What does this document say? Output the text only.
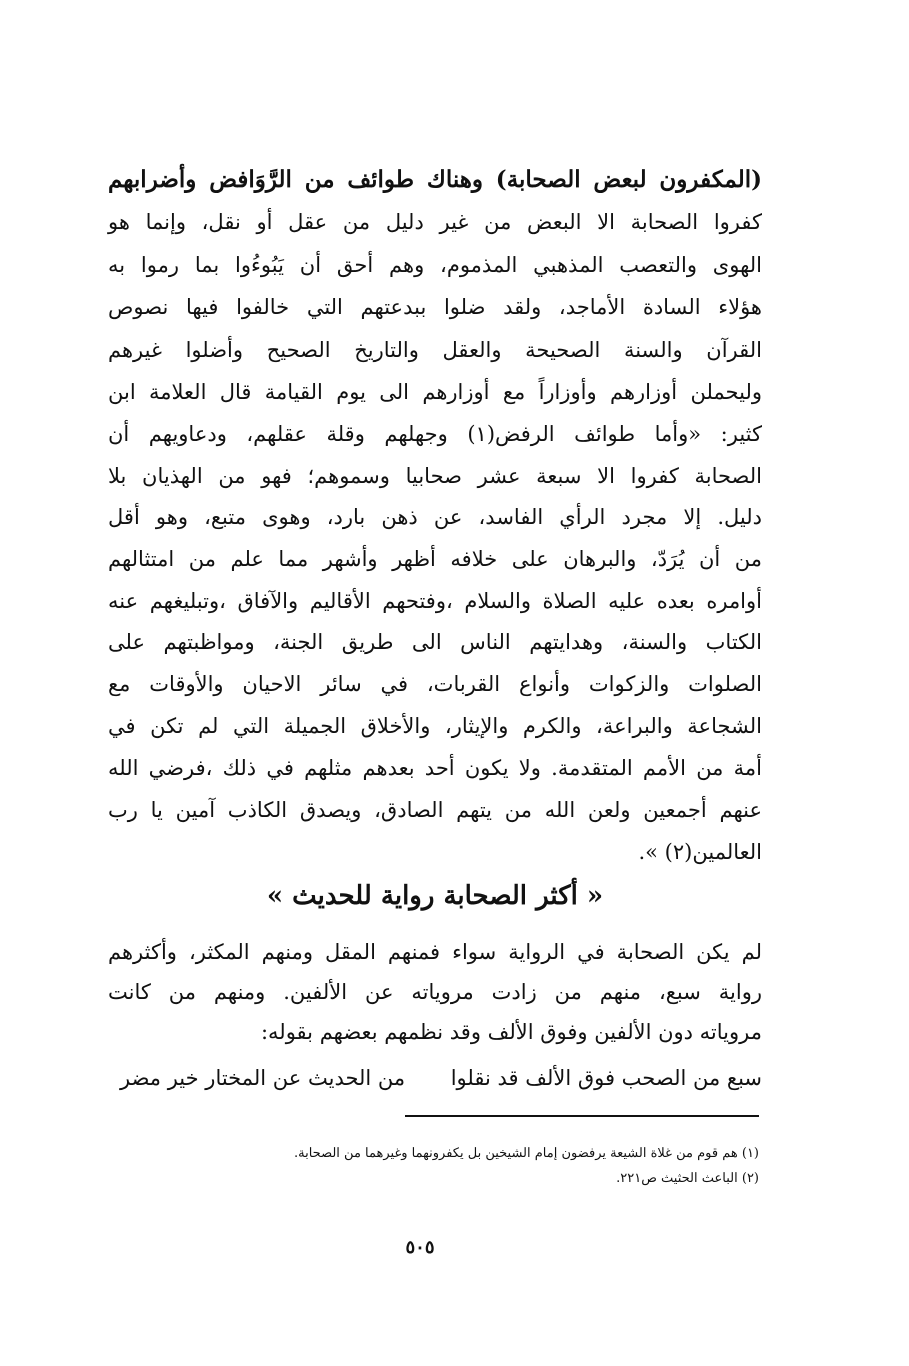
(المكفرون لبعض الصحابة) وهناك طوائف من الرَّوَافض وأضرابهم
كفروا الصحابة الا البعض من غير دليل من عقل أو نقل، وإنما هو
الهوى والتعصب المذهبي المذموم، وهم أحق أن يَبُوءُوا بما رموا به
هؤلاء السادة الأماجد، ولقد ضلوا ببدعتهم التي خالفوا فيها نصوص
القرآن والسنة الصحيحة والعقل والتاريخ الصحيح وأضلوا غيرهم
وليحملن أوزارهم وأوزاراً مع أوزارهم الى يوم القيامة قال العلامة ابن
كثير: «وأما طوائف الرفض(١) وجهلهم وقلة عقلهم، ودعاويهم أن
الصحابة كفروا الا سبعة عشر صحابيا وسموهم؛ فهو من الهذيان بلا
دليل. إلا مجرد الرأي الفاسد، عن ذهن بارد، وهوى متبع، وهو أقل
من أن يُرَدّ، والبرهان على خلافه أظهر وأشهر مما علم من امتثالهم
أوامره بعده عليه الصلاة والسلام ،وفتحهم الأقاليم والآفاق ،وتبليغهم عنه
الكتاب والسنة، وهدايتهم الناس الى طريق الجنة، ومواظبتهم على
الصلوات والزكوات وأنواع القربات، في سائر الاحيان والأوقات مع
الشجاعة والبراعة، والكرم والإيثار، والأخلاق الجميلة التي لم تكن في
أمة من الأمم المتقدمة. ولا يكون أحد بعدهم مثلهم في ذلك ،فرضي الله
عنهم أجمعين ولعن الله من يتهم الصادق، ويصدق الكاذب آمين يا رب
العالمين(٢) ».
« أكثر الصحابة رواية للحديث »
لم يكن الصحابة في الرواية سواء فمنهم المقل ومنهم المكثر، وأكثرهم
رواية سبع، منهم من زادت مروياته عن الألفين. ومنهم من كانت
مروياته دون الألفين وفوق الألف وقد نظمهم بعضهم بقوله:
سبع من الصحب فوق الألف قد نقلوا
من الحديث عن المختار خير مضر
(١) هم قوم من غلاة الشيعة يرفضون إمام الشيخين بل يكفرونهما وغيرهما من الصحابة.
(٢) الباعث الحثيث ص٢٢١.
٥٠٥
